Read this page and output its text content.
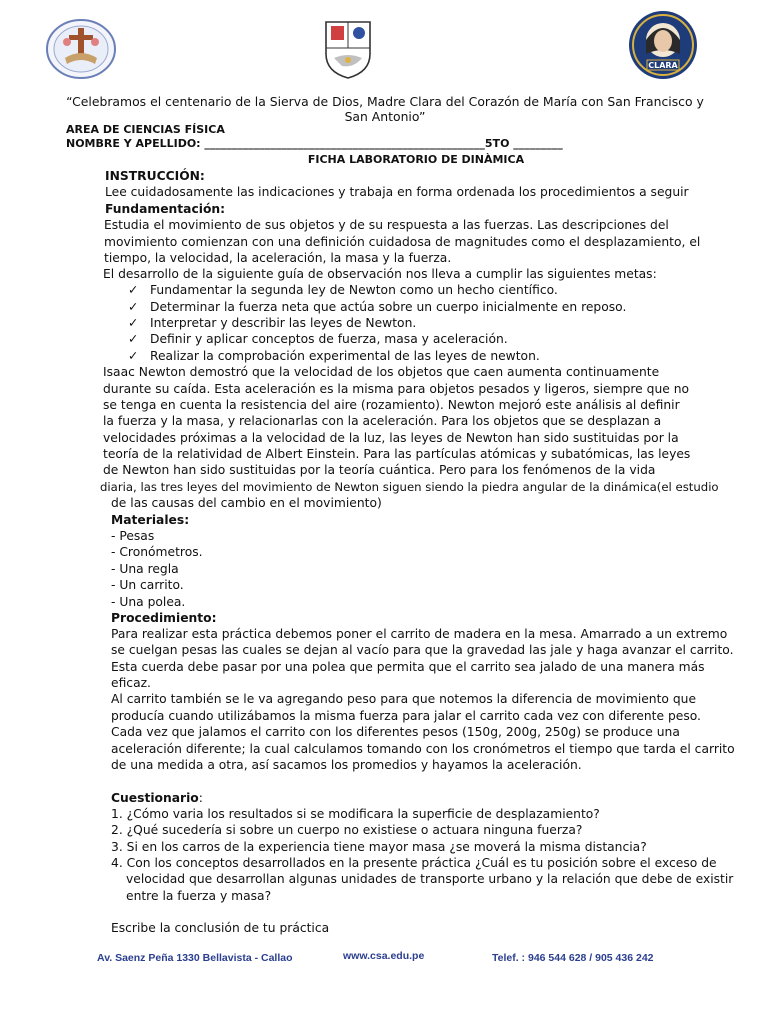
CLARA
“Celebramos el centenario de la Sierva de Dios, Madre Clara del Corazón de María con San Francisco y San Antonio”
AREA DE CIENCIAS FÍSICA
NOMBRE Y APELLIDO: ___________________________________________________5TO _________
FICHA LABORATORIO DE DINÀMICA
INSTRUCCIÓN:
Lee cuidadosamente las indicaciones y trabaja en forma ordenada los procedimientos a seguir
Fundamentación:
Estudia el movimiento de sus objetos y de su respuesta a las fuerzas. Las descripciones del
movimiento comienzan con una definición cuidadosa de magnitudes como el desplazamiento, el
tiempo, la velocidad, la aceleración, la masa y la fuerza.
El desarrollo de la siguiente guía de observación nos lleva a cumplir las siguientes metas:
✓ Fundamentar la segunda ley de Newton como un hecho científico.
✓ Determinar la fuerza neta que actúa sobre un cuerpo inicialmente en reposo.
✓ Interpretar y describir las leyes de Newton.
✓ Definir y aplicar conceptos de fuerza, masa y aceleración.
✓ Realizar la comprobación experimental de las leyes de newton.
Isaac Newton demostró que la velocidad de los objetos que caen aumenta continuamente
durante su caída. Esta aceleración es la misma para objetos pesados y ligeros, siempre que no
se tenga en cuenta la resistencia del aire (rozamiento). Newton mejoró este análisis al definir
la fuerza y la masa, y relacionarlas con la aceleración. Para los objetos que se desplazan a
velocidades próximas a la velocidad de la luz, las leyes de Newton han sido sustituidas por la
teoría de la relatividad de Albert Einstein. Para las partículas atómicas y subatómicas, las leyes
de Newton han sido sustituidas por la teoría cuántica. Pero para los fenómenos de la vida
diaria, las tres leyes del movimiento de Newton siguen siendo la piedra angular de la dinámica(el estudio
de las causas del cambio en el movimiento)
Materiales:
- Pesas
- Cronómetros.
- Una regla
- Un carrito.
- Una polea.
Procedimiento:
Para realizar esta práctica debemos poner el carrito de madera en la mesa. Amarrado a un extremo
se cuelgan pesas las cuales se dejan al vacío para que la gravedad las jale y haga avanzar el carrito.
Esta cuerda debe pasar por una polea que permita que el carrito sea jalado de una manera más
eficaz.
Al carrito también se le va agregando peso para que notemos la diferencia de movimiento que
producía cuando utilizábamos la misma fuerza para jalar el carrito cada vez con diferente peso.
Cada vez que jalamos el carrito con los diferentes pesos (150g, 200g, 250g) se produce una
aceleración diferente; la cual calculamos tomando con los cronómetros el tiempo que tarda el carrito
de una medida a otra, así sacamos los promedios y hayamos la aceleración.
Cuestionario:
1. ¿Cómo varia los resultados si se modificara la superficie de desplazamiento?
2. ¿Qué sucedería si sobre un cuerpo no existiese o actuara ninguna fuerza?
3. Si en los carros de la experiencia tiene mayor masa ¿se moverá la misma distancia?
4. Con los conceptos desarrollados en la presente práctica ¿Cuál es tu posición sobre el exceso de
velocidad que desarrollan algunas unidades de transporte urbano y la relación que debe de existir
entre la fuerza y masa?
Escribe la conclusión de tu práctica
Av. Saenz Peña 1330 Bellavista - Callao	www.csa.edu.pe	Telef. : 946 544 628 / 905 436 242
